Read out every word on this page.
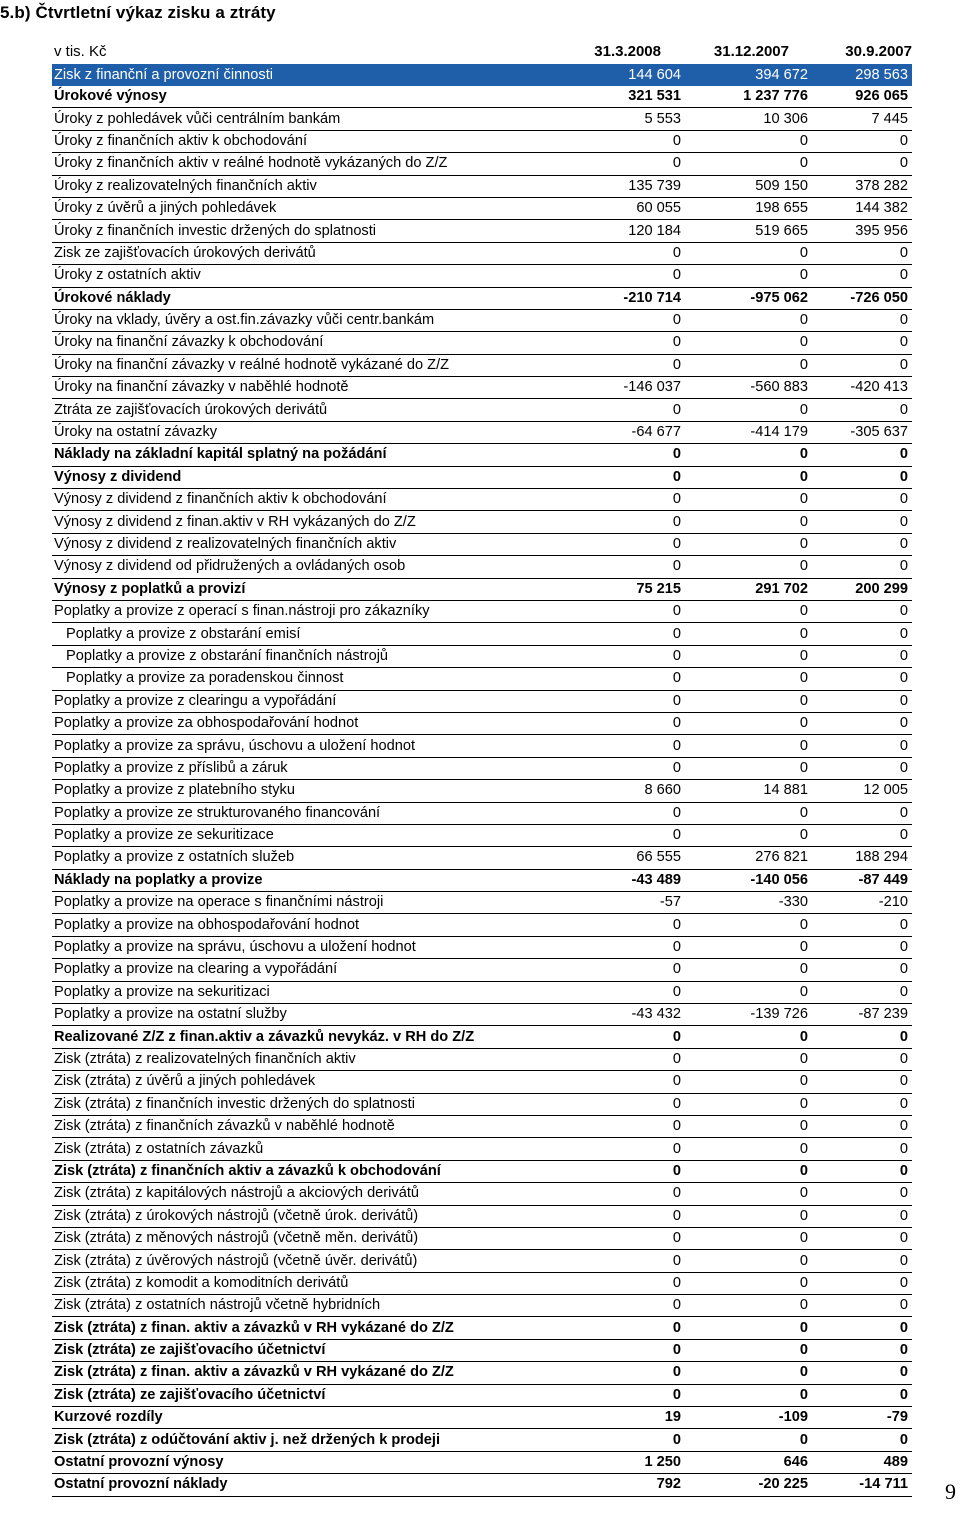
5.b) Čtvrtletní výkaz zisku a ztráty
v tis. Kč	31.3.2008	31.12.2007	30.9.2007
Zisk z finanční a provozní činnosti	144 604	394 672	298 563
Úrokové výnosy	321 531	1 237 776	926 065
Úroky z pohledávek vůči centrálním bankám	5 553	10 306	7 445
Úroky z finančních aktiv k obchodování	0	0	0
Úroky z finančních aktiv v reálné hodnotě vykázaných do Z/Z	0	0	0
Úroky z realizovatelných finančních aktiv	135 739	509 150	378 282
Úroky z úvěrů a jiných pohledávek	60 055	198 655	144 382
Úroky z finančních investic držených do splatnosti	120 184	519 665	395 956
Zisk ze zajišťovacích úrokových derivátů	0	0	0
Úroky z ostatních aktiv	0	0	0
Úrokové náklady	-210 714	-975 062	-726 050
Úroky na vklady, úvěry a ost.fin.závazky vůči centr.bankám	0	0	0
Úroky na finanční závazky k obchodování	0	0	0
Úroky na finanční závazky v reálné hodnotě vykázané do Z/Z	0	0	0
Úroky na finanční závazky v naběhlé hodnotě	-146 037	-560 883	-420 413
Ztráta ze zajišťovacích úrokových derivátů	0	0	0
Úroky na ostatní závazky	-64 677	-414 179	-305 637
Náklady na základní kapitál splatný na požádání	0	0	0
Výnosy z dividend	0	0	0
Výnosy z dividend z finančních aktiv k obchodování	0	0	0
Výnosy z dividend z finan.aktiv v RH vykázaných do Z/Z	0	0	0
Výnosy z dividend z realizovatelných finančních aktiv	0	0	0
Výnosy z dividend od přidružených a ovládaných osob	0	0	0
Výnosy z poplatků a provizí	75 215	291 702	200 299
Poplatky a provize z operací s finan.nástroji pro zákazníky	0	0	0
Poplatky a provize z obstarání emisí	0	0	0
Poplatky a provize z obstarání finančních nástrojů	0	0	0
Poplatky a provize za poradenskou činnost	0	0	0
Poplatky a provize z clearingu a vypořádání	0	0	0
Poplatky a provize za obhospodařování hodnot	0	0	0
Poplatky a provize za správu, úschovu a uložení hodnot	0	0	0
Poplatky a provize z příslibů a záruk	0	0	0
Poplatky a provize z platebního styku	8 660	14 881	12 005
Poplatky a provize ze strukturovaného financování	0	0	0
Poplatky a provize ze sekuritizace	0	0	0
Poplatky a provize z ostatních služeb	66 555	276 821	188 294
Náklady na poplatky a provize	-43 489	-140 056	-87 449
Poplatky a provize na operace s finančními nástroji	-57	-330	-210
Poplatky a provize na obhospodařování hodnot	0	0	0
Poplatky a provize na správu, úschovu a uložení hodnot	0	0	0
Poplatky a provize na clearing a vypořádání	0	0	0
Poplatky a provize na sekuritizaci	0	0	0
Poplatky a provize na ostatní služby	-43 432	-139 726	-87 239
Realizované Z/Z z finan.aktiv a závazků nevykáz. v RH do Z/Z	0	0	0
Zisk (ztráta) z realizovatelných finančních aktiv	0	0	0
Zisk (ztráta) z úvěrů a jiných pohledávek	0	0	0
Zisk (ztráta) z finančních investic držených do splatnosti	0	0	0
Zisk (ztráta) z finančních závazků v naběhlé hodnotě	0	0	0
Zisk (ztráta) z ostatních závazků	0	0	0
Zisk (ztráta) z finančních aktiv a závazků k obchodování	0	0	0
Zisk (ztráta) z kapitálových nástrojů a akciových derivátů	0	0	0
Zisk (ztráta) z úrokových nástrojů (včetně úrok. derivátů)	0	0	0
Zisk (ztráta) z měnových nástrojů (včetně měn. derivátů)	0	0	0
Zisk (ztráta) z úvěrových nástrojů (včetně úvěr. derivátů)	0	0	0
Zisk (ztráta) z komodit a komoditních derivátů	0	0	0
Zisk (ztráta) z ostatních nástrojů včetně hybridních	0	0	0
Zisk (ztráta) z finan. aktiv a závazků v RH vykázané do Z/Z	0	0	0
Zisk (ztráta) ze zajišťovacího účetnictví	0	0	0
Zisk (ztráta) z finan. aktiv a závazků v RH vykázané do Z/Z	0	0	0
Zisk (ztráta) ze zajišťovacího účetnictví	0	0	0
Kurzové rozdíly	19	-109	-79
Zisk (ztráta) z odúčtování aktiv j. než držených k prodeji	0	0	0
Ostatní provozní výnosy	1 250	646	489
Ostatní provozní náklady	792	-20 225	-14 711 9
